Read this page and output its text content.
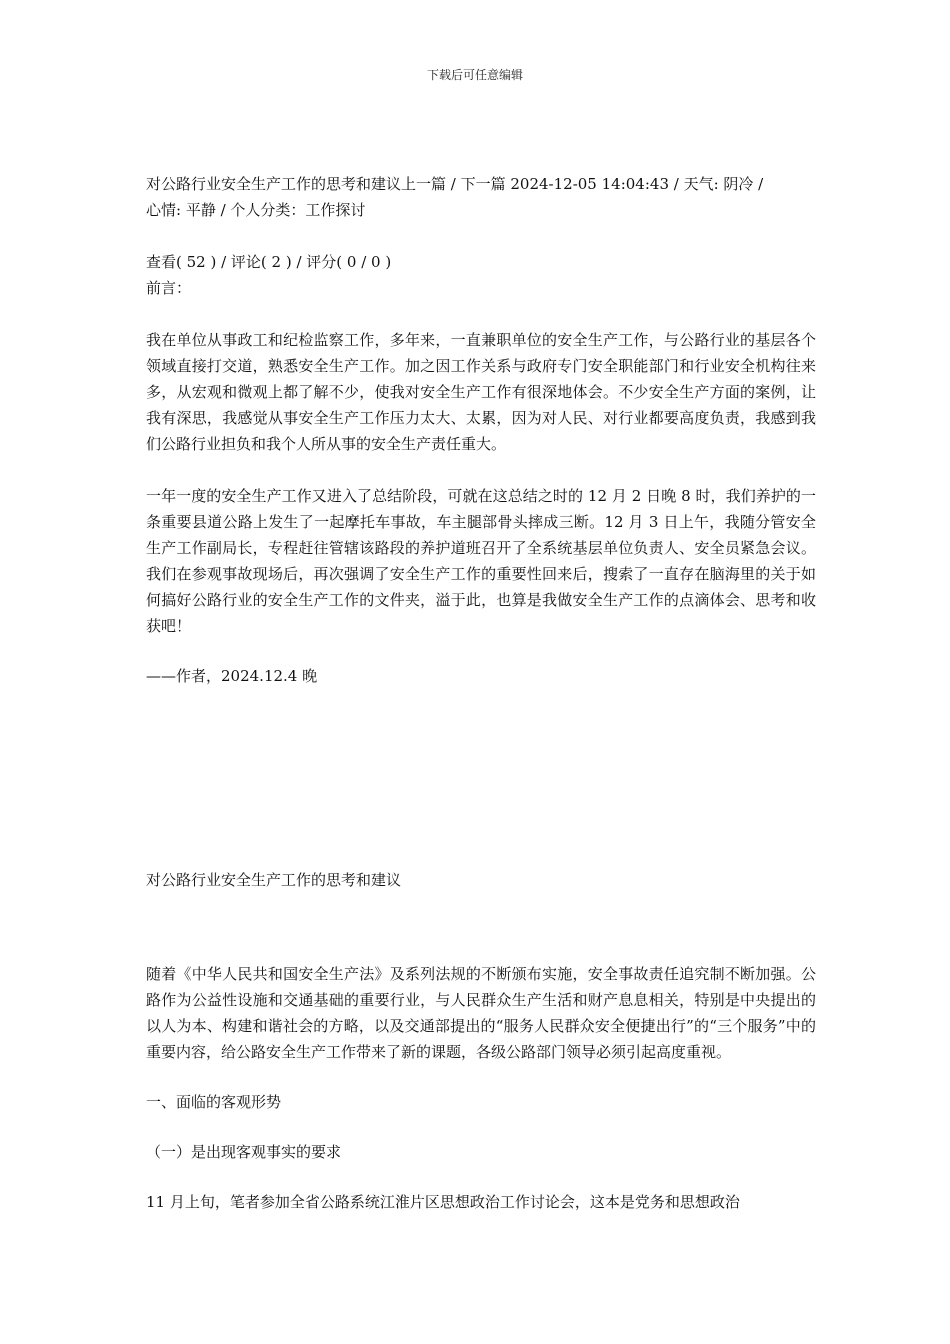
下载后可任意编辑

对公路行业安全生产工作的思考和建议上一篇 / 下一篇 2024-12-05 14:04:43 / 天气: 阴冷 /

心情: 平静 / 个人分类：工作探讨

查看( 52 ) / 评论( 2 ) / 评分( 0 / 0 )

前言：

我在单位从事政工和纪检监察工作，多年来，一直兼职单位的安全生产工作，与公路行业的基层各个领域直接打交道，熟悉安全生产工作。加之因工作关系与政府专门安全职能部门和行业安全机构往来多，从宏观和微观上都了解不少，使我对安全生产工作有很深地体会。不少安全生产方面的案例，让我有深思，我感觉从事安全生产工作压力太大、太累，因为对人民、对行业都要高度负责，我感到我们公路行业担负和我个人所从事的安全生产责任重大。

一年一度的安全生产工作又进入了总结阶段，可就在这总结之时的 12 月 2 日晚 8 时，我们养护的一条重要县道公路上发生了一起摩托车事故，车主腿部骨头摔成三断。12 月 3 日上午，我随分管安全生产工作副局长，专程赶往管辖该路段的养护道班召开了全系统基层单位负责人、安全员紧急会议。我们在参观事故现场后，再次强调了安全生产工作的重要性回来后，搜索了一直存在脑海里的关于如何搞好公路行业的安全生产工作的文件夹，溢于此，也算是我做安全生产工作的点滴体会、思考和收获吧！

——作者，2024.12.4 晚

对公路行业安全生产工作的思考和建议

随着《中华人民共和国安全生产法》及系列法规的不断颁布实施，安全事故责任追究制不断加强。公路作为公益性设施和交通基础的重要行业，与人民群众生产生活和财产息息相关，特别是中央提出的以人为本、构建和谐社会的方略，以及交通部提出的“服务人民群众安全便捷出行”的“三个服务”中的重要内容，给公路安全生产工作带来了新的课题，各级公路部门领导必须引起高度重视。

一、面临的客观形势

（一）是出现客观事实的要求

11 月上旬，笔者参加全省公路系统江淮片区思想政治工作讨论会，这本是党务和思想政治
